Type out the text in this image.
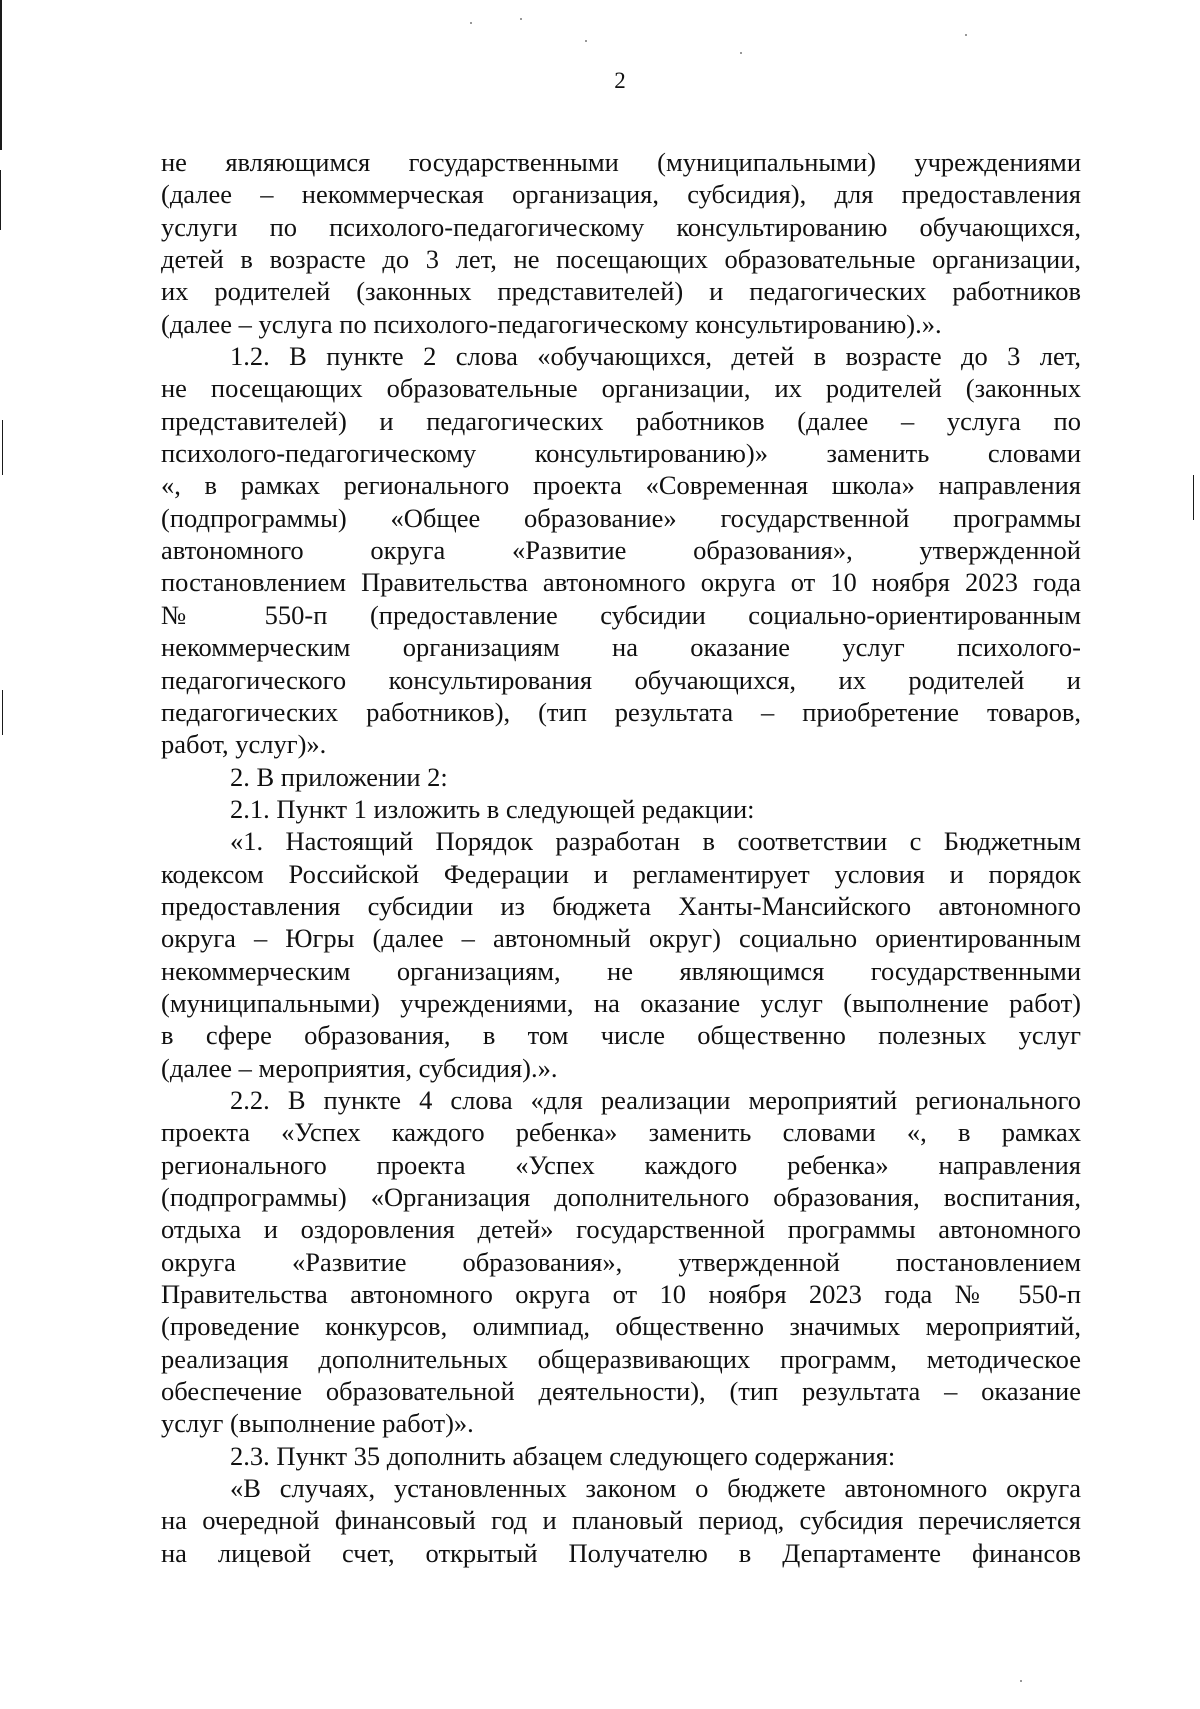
2
не являющимся государственными (муниципальными) учреждениями
(далее – некоммерческая организация, субсидия), для предоставления
услуги по психолого-педагогическому консультированию обучающихся,
детей в возрасте до 3 лет, не посещающих образовательные организации,
их родителей (законных представителей) и педагогических работников
(далее – услуга по психолого-педагогическому консультированию).».
1.2. В пункте 2 слова «обучающихся, детей в возрасте до 3 лет,
не посещающих образовательные организации, их родителей (законных
представителей) и педагогических работников (далее – услуга по
психолого-педагогическому консультированию)» заменить словами
«, в рамках регионального проекта «Современная школа» направления
(подпрограммы) «Общее образование» государственной программы
автономного округа «Развитие образования», утвержденной
постановлением Правительства автономного округа от 10 ноября 2023 года
№ 550-п (предоставление субсидии социально-ориентированным
некоммерческим организациям на оказание услуг психолого-
педагогического консультирования обучающихся, их родителей и
педагогических работников), (тип результата – приобретение товаров,
работ, услуг)».
2. В приложении 2:
2.1. Пункт 1 изложить в следующей редакции:
«1. Настоящий Порядок разработан в соответствии с Бюджетным
кодексом Российской Федерации и регламентирует условия и порядок
предоставления субсидии из бюджета Ханты-Мансийского автономного
округа – Югры (далее – автономный округ) социально ориентированным
некоммерческим организациям, не являющимся государственными
(муниципальными) учреждениями, на оказание услуг (выполнение работ)
в сфере образования, в том числе общественно полезных услуг
(далее – мероприятия, субсидия).».
2.2. В пункте 4 слова «для реализации мероприятий регионального
проекта «Успех каждого ребенка» заменить словами «, в рамках
регионального проекта «Успех каждого ребенка» направления
(подпрограммы) «Организация дополнительного образования, воспитания,
отдыха и оздоровления детей» государственной программы автономного
округа «Развитие образования», утвержденной постановлением
Правительства автономного округа от 10 ноября 2023 года № 550-п
(проведение конкурсов, олимпиад, общественно значимых мероприятий,
реализация дополнительных общеразвивающих программ, методическое
обеспечение образовательной деятельности), (тип результата – оказание
услуг (выполнение работ)».
2.3. Пункт 35 дополнить абзацем следующего содержания:
«В случаях, установленных законом о бюджете автономного округа
на очередной финансовый год и плановый период, субсидия перечисляется
на лицевой счет, открытый Получателю в Департаменте финансов
